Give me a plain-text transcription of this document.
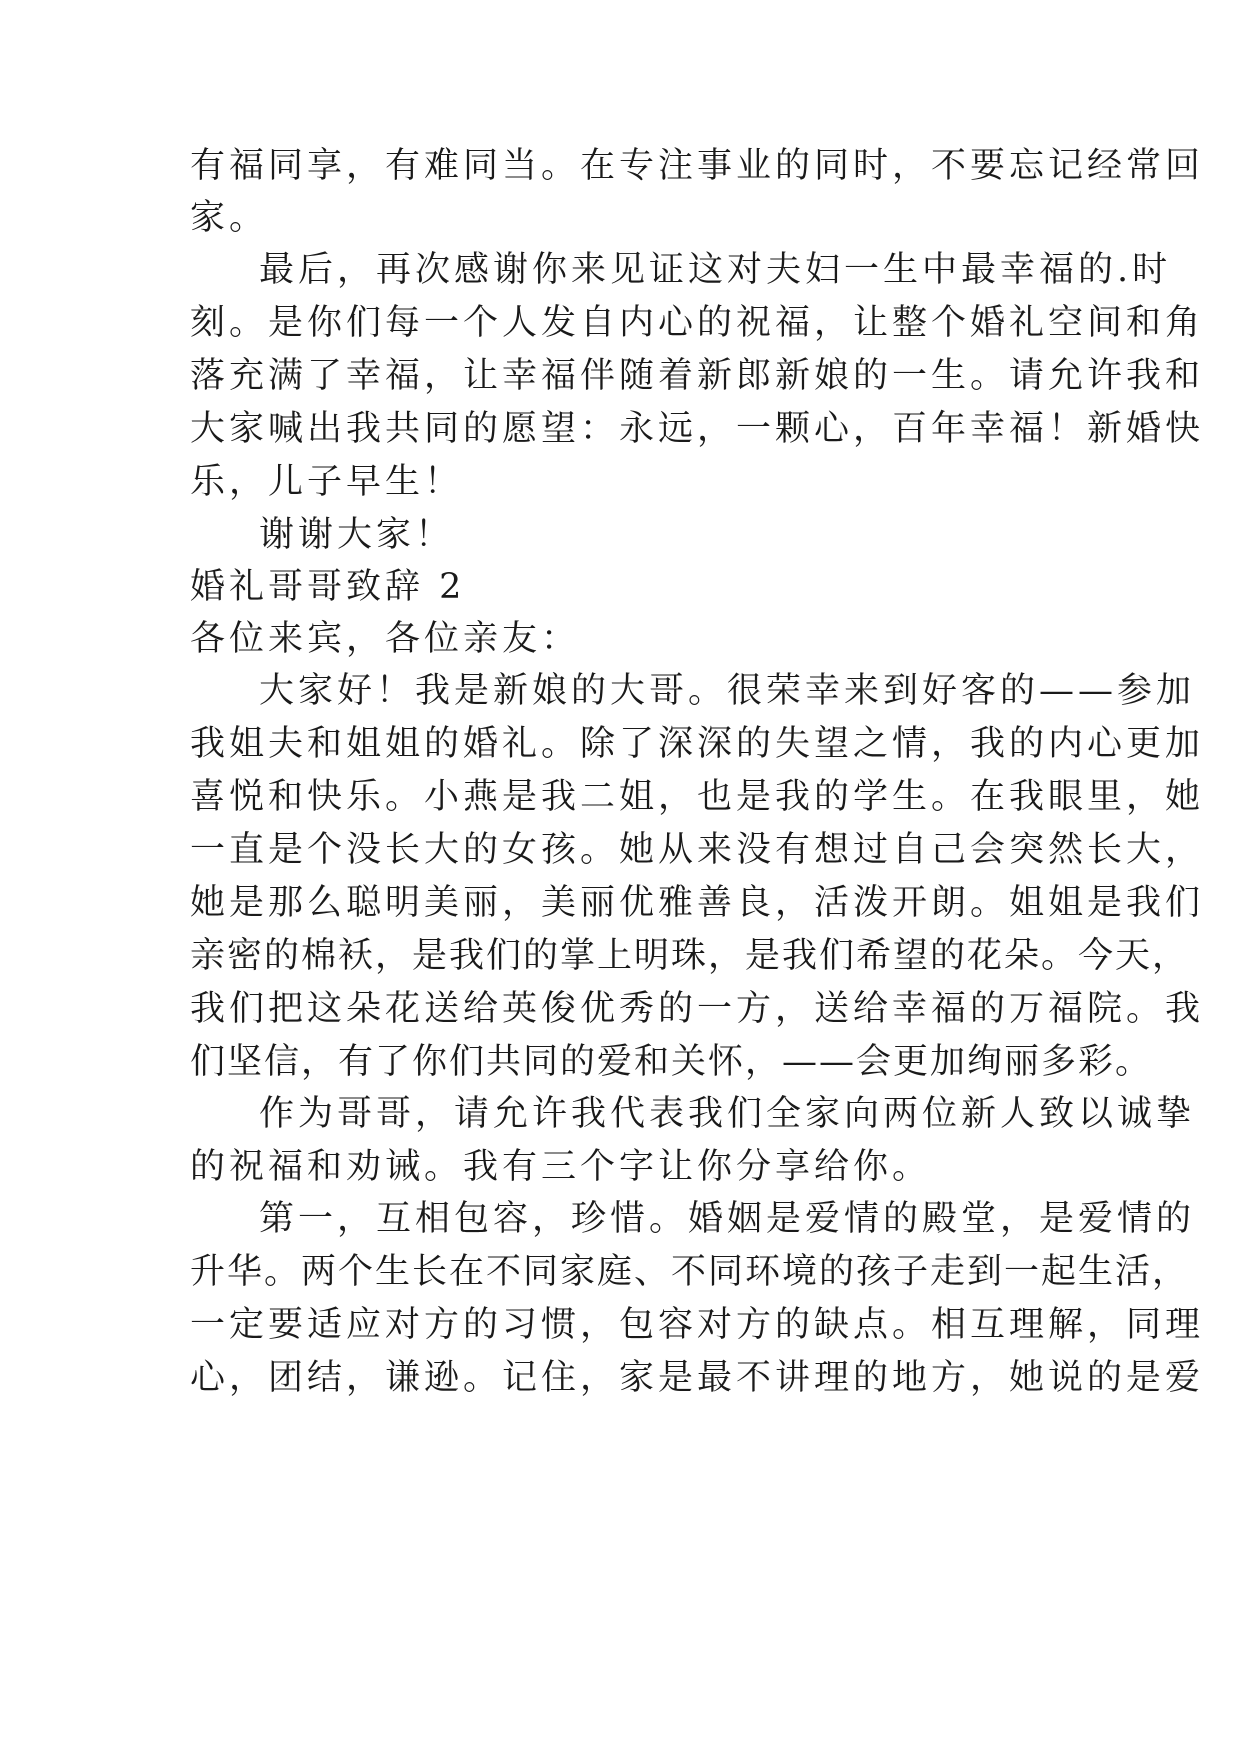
有福同享，有难同当。在专注事业的同时，不要忘记经常回
家。
最后，再次感谢你来见证这对夫妇一生中最幸福的.时
刻。是你们每一个人发自内心的祝福，让整个婚礼空间和角
落充满了幸福，让幸福伴随着新郎新娘的一生。请允许我和
大家喊出我共同的愿望：永远，一颗心，百年幸福！新婚快
乐，儿子早生！
谢谢大家！
婚礼哥哥致辞 2
各位来宾，各位亲友：
大家好！我是新娘的大哥。很荣幸来到好客的——参加
我姐夫和姐姐的婚礼。除了深深的失望之情，我的内心更加
喜悦和快乐。小燕是我二姐，也是我的学生。在我眼里，她
一直是个没长大的女孩。她从来没有想过自己会突然长大，
她是那么聪明美丽，美丽优雅善良，活泼开朗。姐姐是我们
亲密的棉袄，是我们的掌上明珠，是我们希望的花朵。今天，
我们把这朵花送给英俊优秀的一方，送给幸福的万福院。我
们坚信，有了你们共同的爱和关怀，——会更加绚丽多彩。
作为哥哥，请允许我代表我们全家向两位新人致以诚挚
的祝福和劝诫。我有三个字让你分享给你。
第一，互相包容，珍惜。婚姻是爱情的殿堂，是爱情的
升华。两个生长在不同家庭、不同环境的孩子走到一起生活，
一定要适应对方的习惯，包容对方的缺点。相互理解，同理
心，团结，谦逊。记住，家是最不讲理的地方，她说的是爱
